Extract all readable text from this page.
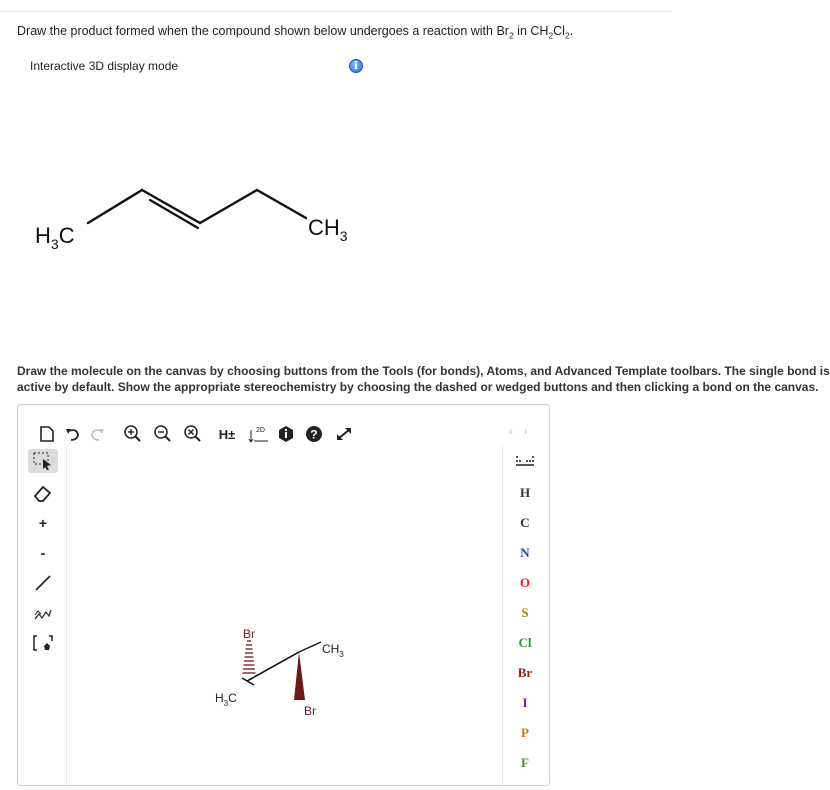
Draw the product formed when the compound shown below undergoes a reaction with $Br_2$ in $CH_2Cl_2$.
Interactive 3D display mode	i
$H_3C$	$CH_3$
Draw the molecule on the canvas by choosing buttons from the Tools (for bonds), Atoms, and Advanced Template toolbars. The single bond is
active by default. Show the appropriate stereochemistry by choosing the dashed or wedged buttons and then clicking a bond on the canvas.
H±	2D	?	‹ ›
+
-
Br
Br
$H_3C$
$CH_3$
H
C
N
O
S
Cl
Br
I
P
F
